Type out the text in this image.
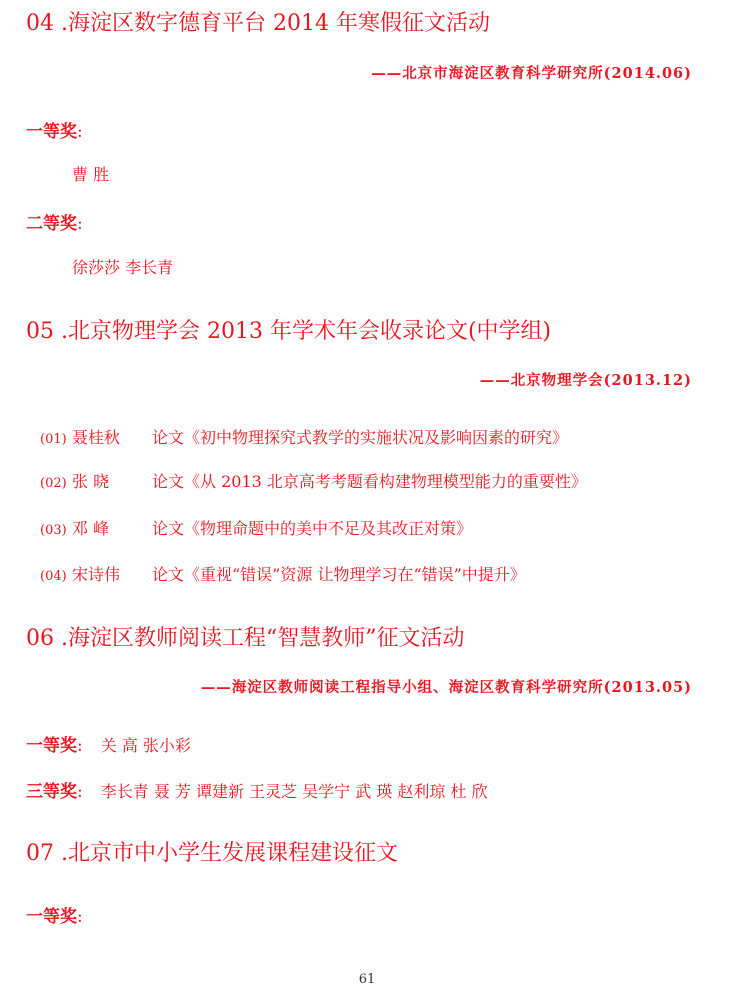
04 .海淀区数字德育平台 2014 年寒假征文活动
——北京市海淀区教育科学研究所(2014.06)
一等奖:
曹 胜
二等奖:
徐莎莎 李长青
05 .北京物理学会 2013 年学术年会收录论文(中学组)
——北京物理学会(2013.12)
(01) 聂桂秋 论文《初中物理探究式教学的实施状况及影响因素的研究》
(02) 张 晓	论文《从 2013 北京高考考题看构建物理模型能力的重要性》
(03) 邓 峰	论文《物理命题中的美中不足及其改正对策》
(04) 宋诗伟 论文《重视“错误”资源 让物理学习在“错误”中提升》
06 .海淀区教师阅读工程“智慧教师”征文活动
——海淀区教师阅读工程指导小组、海淀区教育科学研究所(2013.05)
一等奖: 关 高 张小彩
三等奖: 李长青 聂 芳 谭建新 王灵芝 吴学宁 武 瑛 赵利琼 杜 欣
07 .北京市中小学生发展课程建设征文
一等奖:
61
